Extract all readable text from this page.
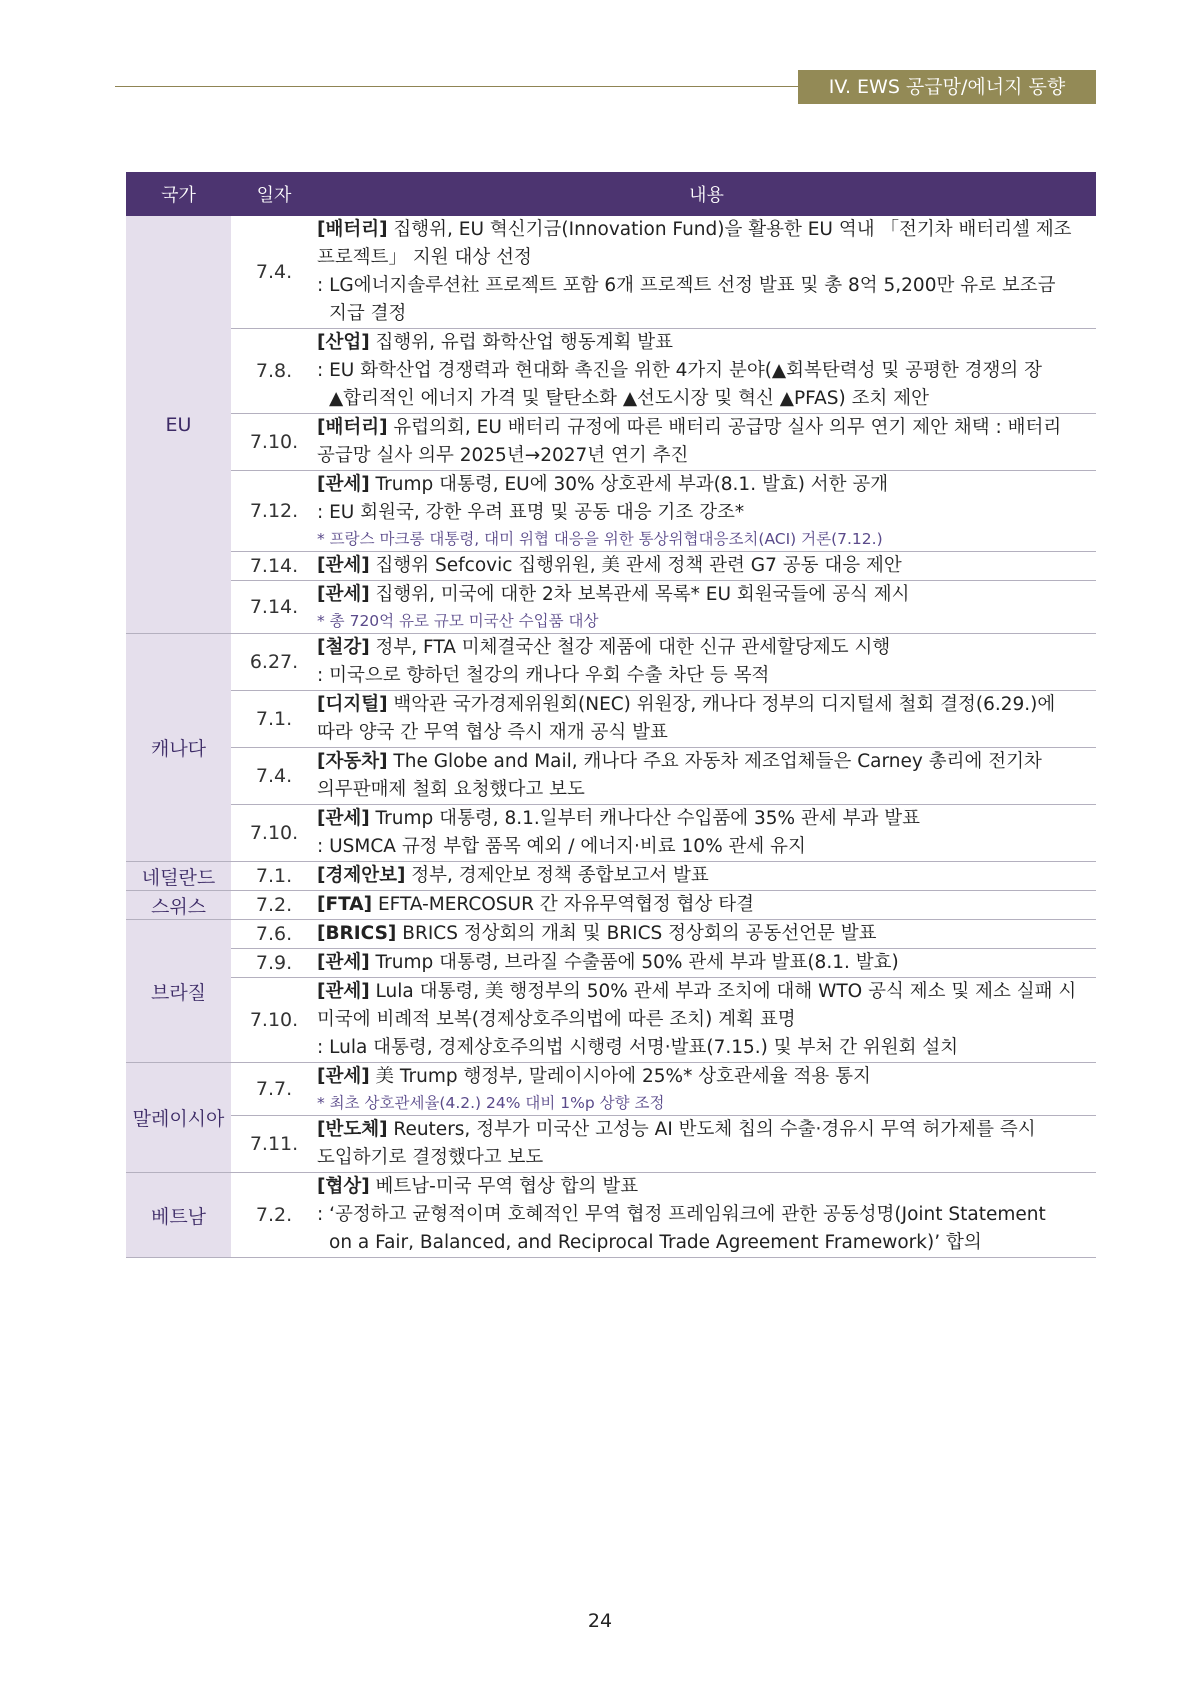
IV. EWS 공급망/에너지 동향
국가	일자	내용
EU	7.4.	[배터리] 집행위, EU 혁신기금(Innovation Fund)을 활용한 EU 역내 「전기차 배터리셀 제조
프로젝트」 지원 대상 선정
: LG에너지솔루션社 프로젝트 포함 6개 프로젝트 선정 발표 및 총 8억 5,200만 유로 보조금
지급 결정

	7.8.	[산업] 집행위, 유럽 화학산업 행동계획 발표
: EU 화학산업 경쟁력과 현대화 촉진을 위한 4가지 분야(▲회복탄력성 및 공평한 경쟁의 장
▲합리적인 에너지 가격 및 탈탄소화 ▲선도시장 및 혁신 ▲PFAS) 조치 제안

	7.10.	[배터리] 유럽의회, EU 배터리 규정에 따른 배터리 공급망 실사 의무 연기 제안 채택 : 배터리
공급망 실사 의무 2025년→2027년 연기 추진

	7.12.	[관세] Trump 대통령, EU에 30% 상호관세 부과(8.1. 발효) 서한 공개
: EU 회원국, 강한 우려 표명 및 공동 대응 기조 강조*
* 프랑스 마크롱 대통령, 대미 위협 대응을 위한 통상위협대응조치(ACI) 거론(7.12.)

	7.14.	[관세] 집행위 Sefcovic 집행위원, 美 관세 정책 관련 G7 공동 대응 제안

	7.14.	[관세] 집행위, 미국에 대한 2차 보복관세 목록* EU 회원국들에 공식 제시
* 총 720억 유로 규모 미국산 수입품 대상

캐나다	6.27.	[철강] 정부, FTA 미체결국산 철강 제품에 대한 신규 관세할당제도 시행
: 미국으로 향하던 철강의 캐나다 우회 수출 차단 등 목적

	7.1.	[디지털] 백악관 국가경제위원회(NEC) 위원장, 캐나다 정부의 디지털세 철회 결정(6.29.)에
따라 양국 간 무역 협상 즉시 재개 공식 발표

	7.4.	[자동차] The Globe and Mail, 캐나다 주요 자동차 제조업체들은 Carney 총리에 전기차
의무판매제 철회 요청했다고 보도

	7.10.	[관세] Trump 대통령, 8.1.일부터 캐나다산 수입품에 35% 관세 부과 발표
: USMCA 규정 부합 품목 예외 / 에너지·비료 10% 관세 유지

네덜란드	7.1.	[경제안보] 정부, 경제안보 정책 종합보고서 발표

스위스	7.2.	[FTA] EFTA-MERCOSUR 간 자유무역협정 협상 타결

브라질	7.6.	[BRICS] BRICS 정상회의 개최 및 BRICS 정상회의 공동선언문 발표

	7.9.	[관세] Trump 대통령, 브라질 수출품에 50% 관세 부과 발표(8.1. 발효)

	7.10.	[관세] Lula 대통령, 美 행정부의 50% 관세 부과 조치에 대해 WTO 공식 제소 및 제소 실패 시
미국에 비례적 보복(경제상호주의법에 따른 조치) 계획 표명
: Lula 대통령, 경제상호주의법 시행령 서명·발표(7.15.) 및 부처 간 위원회 설치

말레이시아	7.7.	[관세] 美 Trump 행정부, 말레이시아에 25%* 상호관세율 적용 통지
* 최초 상호관세율(4.2.) 24% 대비 1%p 상향 조정

	7.11.	[반도체] Reuters, 정부가 미국산 고성능 AI 반도체 칩의 수출·경유시 무역 허가제를 즉시
도입하기로 결정했다고 보도

베트남	7.2.	[협상] 베트남-미국 무역 협상 합의 발표
: ‘공정하고 균형적이며 호혜적인 무역 협정 프레임워크에 관한 공동성명(Joint Statement
on a Fair, Balanced, and Reciprocal Trade Agreement Framework)’ 합의
24
